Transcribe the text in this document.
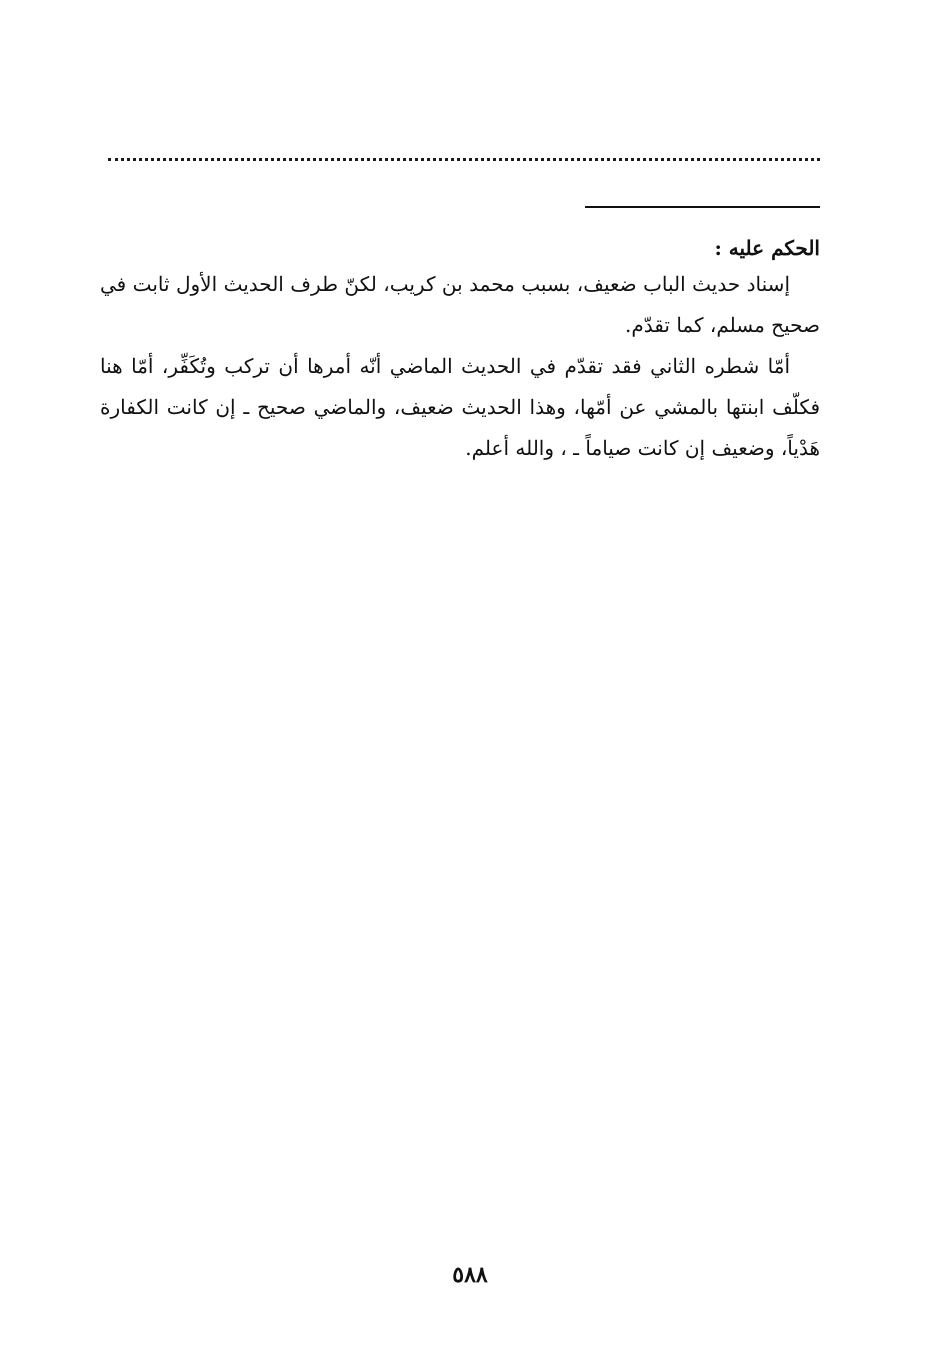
الحكم عليه :

إسناد حديث الباب ضعيف، بسبب محمد بن كريب، لكنّ طرف الحديث الأول ثابت في صحيح مسلم، كما تقدّم.

أمّا شطره الثاني فقد تقدّم في الحديث الماضي أنّه أمرها أن تركب وتُكَفِّر، أمّا هنا فكلّف ابنتها بالمشي عن أمّها، وهذا الحديث ضعيف، والماضي صحيح ـ إن كانت الكفارة هَدْياً، وضعيف إن كانت صياماً ـ ، والله أعلم.

٥٨٨
